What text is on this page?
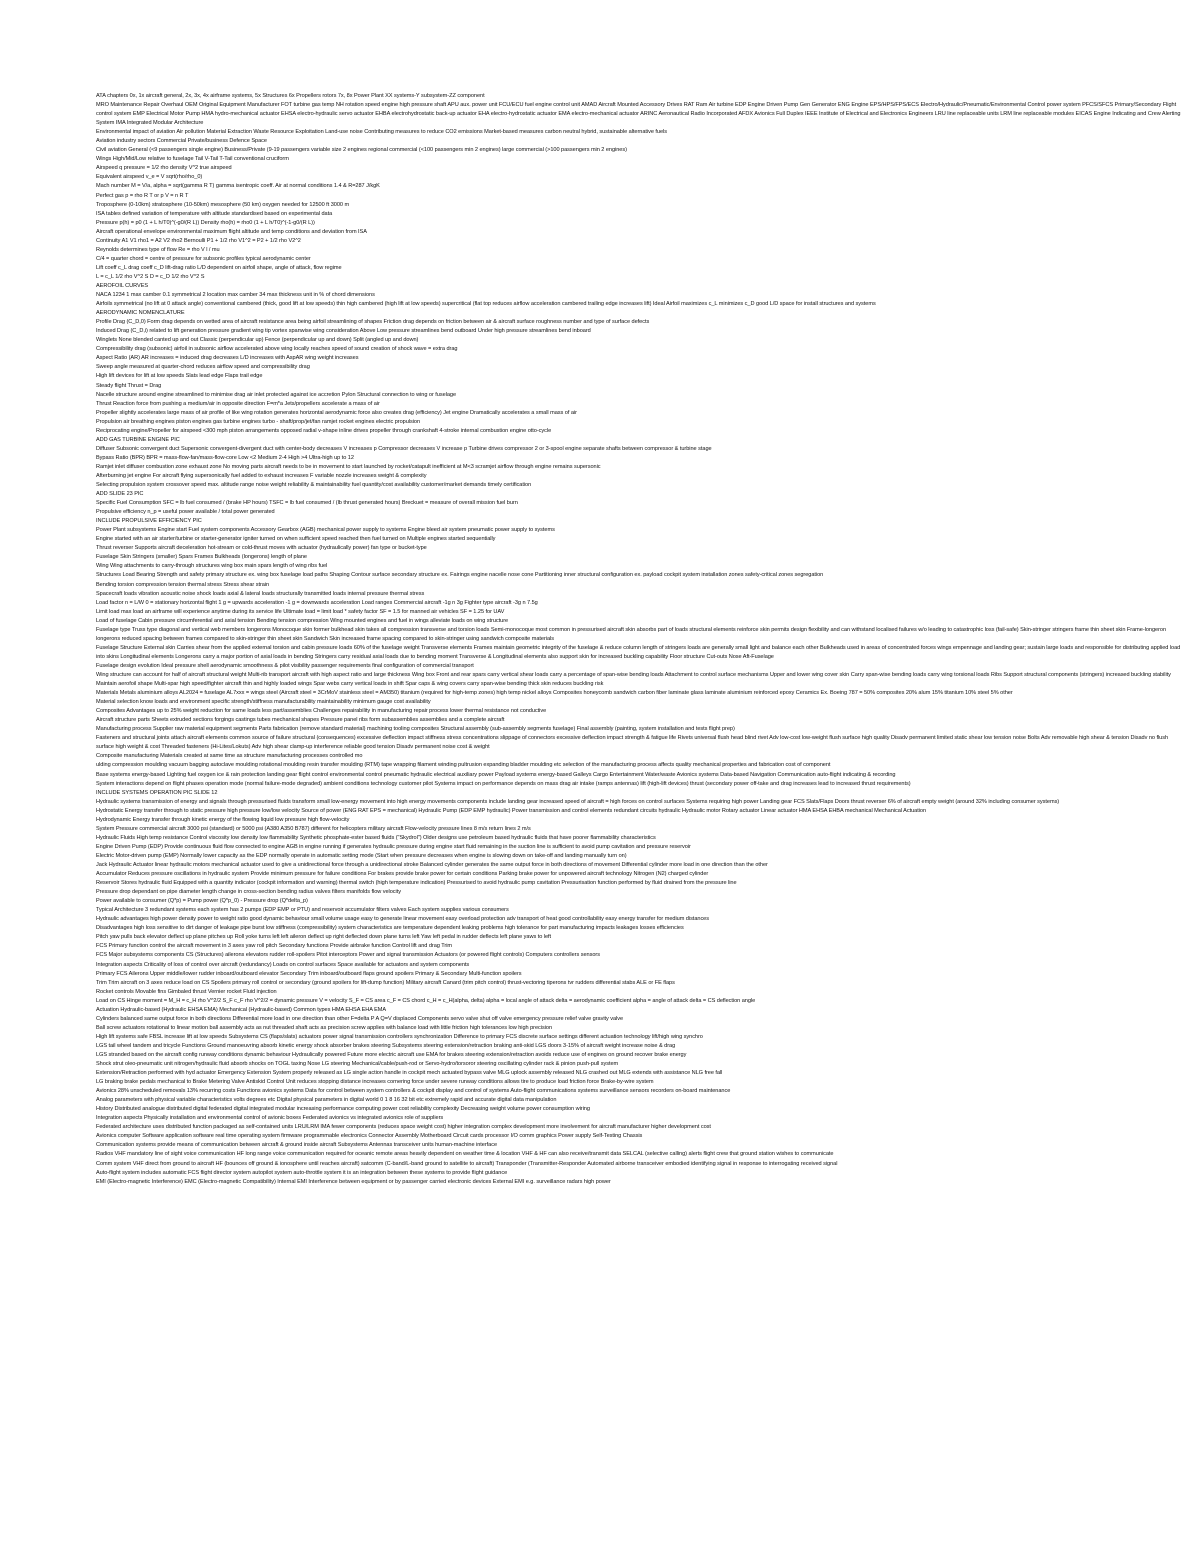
ATA chapters 0x, 1x aircraft general, 2x, 3x, 4x airframe systems, 5x Structures 6x Propellers rotors 7x, 8x Power Plant XX systems-Y subsystem-ZZ component
MRO Maintenance Repair Overhaul OEM Original Equipment Manufacturer FOT turbine gas temp NH rotation speed engine high pressure shaft APU aux. power unit FCU/ECU fuel engine control unit AMAD Aircraft Mounted Accessory Drives RAT Ram Air turbine EDP Engine Driven Pump Gen Generator ENG Engine EPS/HPS/FPS/ECS Electro/Hydraulic/Pneumatic/Environmental Control power system PFCS/SFCS Primary/Secondary Flight control system EMP Electrical Motor Pump HMA hydro-mechanical actuator EHSA electro-hydraulic servo actuator EHBA electrohydrostatic back-up actuator EHA electro-hydrostatic actuator EMA electro-mechanical actuator ARINC Aeronautical Radio Incorporated AFDX Avionics Full Duplex IEEE Institute of Electrical and Electronics Engineers LRU line replaceable units LRM line replaceable modules EICAS Engine Indicating and Crew Alerting System IMA Integrated Modular Architecture
Environmental impact of aviation Air pollution Material Extraction Waste Resource Exploitation Land-use noise Contributing measures to reduce CO2 emissions Market-based measures carbon neutral hybrid, sustainable alternative fuels
Aviation industry sectors Commercial Private/business Defence Space
Civil aviation General (<9 passengers single engine) Business/Private (9-19 passengers variable size 2 engines regional commercial (<100 passengers min 2 engines) large commercial (>100 passengers min 2 engines)
Wings High/Mid/Low relative to fuselage Tail V-Tail T-Tail conventional cruciform
Airspeed q pressure = 1/2 rho density V^2 true airspeed
Equivalent airspeed v_e = V sqrt(rho/rho_0)
Mach number M = V/a, alpha = sqrt(gamma R T) gamma isentropic coeff. Air at normal conditions 1.4 & R=287 J/kgK
Perfect gas p = rho R T or p V = n R T
Troposphere (0-10km) stratosphere (10-50km) mesosphere (50 km) oxygen needed for 12500 ft 3000 m
ISA tables defined variation of temperature with altitude standardised based on experimental data
Pressure p(h) = p0 (1 + L h/T0)^(-g0/(R L)) Density rho(h) = rho0 (1 + L h/T0)^(-1-g0/(R L))
Aircraft operational envelope environmental maximum flight altitude and temp conditions and deviation from ISA
Continuity A1 V1 rho1 = A2 V2 rho2 Bernoulli P1 + 1/2 rho V1^2 = P2 + 1/2 rho V2^2
Reynolds determines type of flow Re = rho V l / mu
C/4 = quarter chord = centre of pressure for subsonic profiles typical aerodynamic center
Lift coeff c_L drag coeff c_D lift-drag ratio L/D dependent on airfoil shape, angle of attack, flow regime
L = c_L 1/2 rho V^2 S D = c_D 1/2 rho V^2 S
AEROFOIL CURVES
NACA 1234 1 max camber 0.1 symmetrical 2 location max camber 34 max thickness unit in % of chord dimensions
Airfoils symmetrical (no lift at 0 attack angle) conventional cambered (thick, good lift at low speeds) thin high cambered (high lift at low speeds) supercritical (flat top reduces airflow acceleration cambered trailing edge increases lift) Ideal Airfoil maximizes c_L minimizes c_D good L/D space for install structures and systems
AERODYNAMIC NOMENCLATURE
Profile Drag (C_D,0) Form drag depends on wetted area of aircraft resistance area being airfoil streamlining of shapes Friction drag depends on friction between air & aircraft surface roughness number and type of surface defects
Induced Drag (C_D,i) related to lift generation pressure gradient wing tip vortex spanwise wing consideration Above Low pressure streamlines bend outboard Under high pressure streamlines bend inboard
Winglets None blended canted up and out Classic (perpendicular up) Fence (perpendicular up and down) Split (angled up and down)
Compressibility drag (subsonic) airfoil in subsonic airflow accelerated above wing locally reaches speed of sound creation of shock wave = extra drag
Aspect Ratio (AR) AR increases = induced drag decreases L/D increases with AspAR wing weight increases
Sweep angle measured at quarter-chord reduces airflow speed and compressibility drag
High lift devices for lift at low speeds Slats lead edge Flaps trail edge
Steady flight Thrust = Drag
Nacelle structure around engine streamlined to minimise drag air inlet protected against ice accretion Pylon Structural connection to wing or fuselage
Thrust Reaction force from pushing a medium/air in opposite direction F=m*a Jets/propellers accelerate a mass of air
Propeller slightly accelerates large mass of air profile of like wing rotation generates horizontal aerodynamic force also creates drag (efficiency) Jet engine Dramatically accelerates a small mass of air
Propulsion air breathing engines piston engines gas turbine engines turbo - shaft/prop/jet/fan ramjet rocket engines electric propulsion
Reciprocating engine/Propeller for airspeed <300 mph piston arrangements opposed radial v-shape inline drives propeller through crankshaft 4-stroke internal combustion engine otto-cycle
ADD GAS TURBINE ENGINE PIC
Diffuser Subsonic convergent duct Supersonic convergent-divergent duct with center-body decreases V increases p Compressor decreases V increase p Turbine drives compressor 2 or 3-spool engine separate shafts between compressor & turbine stage
Bypass Ratio (BPR) BPR = mass-flow-fan/mass-flow-core Low <2 Medium 2-4 High >4 Ultra-high up to 12
Ramjet inlet diffuser combustion zone exhaust zone No moving parts aircraft needs to be in movement to start launched by rocket/catapult inefficient at M<3 scramjet airflow through engine remains supersonic
Afterburning jet engine For aircraft flying supersonically fuel added to exhaust increases F variable nozzle increases weight & complexity
Selecting propulsion system crossover speed max. altitude range noise weight reliability & maintainability fuel quantity/cost availability customer/market demands timely certification
ADD SLIDE 23 PIC
Specific Fuel Consumption SFC = lb fuel consumed / (brake HP hours) TSFC = lb fuel consumed / (lb thrust generated hours) Breckuet = measure of overall mission fuel burn
Propulsive efficiency n_p = useful power available / total power generated
INCLUDE PROPULSIVE EFFICIENCY PIC
Power Plant subsystems Engine start Fuel system components Accessory Gearbox (AGB) mechanical power supply to systems Engine bleed air system pneumatic power supply to systems
Engine started with an air starter/turbine or starter-generator igniter turned on when sufficient speed reached then fuel turned on Multiple engines started sequentially
Thrust reverser Supports aircraft deceleration hot-stream or cold-thrust moves with actuator (hydraulically power) fan type or bucket-type
Fuselage Skin Stringers (smaller) Spars Frames Bulkheads (longerons) length of plane
Wing Wing attachments to carry-through structures wing box main spars length of wing ribs fuel
Structures Load Bearing Strength and safety primary structure ex. wing box fuselage load paths Shaping Contour surface secondary structure ex. Fairings engine nacelle nose cone Partitioning inner structural configuration ex. payload cockpit system installation zones safety-critical zones segregation
Bending torsion compression tension thermal stress Stress shear strain
Spacecraft loads vibration acoustic noise shock loads axial & lateral loads structurally transmitted loads internal pressure thermal stress
Load factor n = L/W 0 = stationary horizontal flight 1 g = upwards acceleration -1 g = downwards acceleration Load ranges Commercial aircraft -1g n 3g Fighter type aircraft -3g n 7.5g
Limit load max load an airframe will experience anytime during its service life Ultimate load = limit load * safety factor SF = 1.5 for manned air vehicles SF = 1.25 for UAV
Load of fuselage Cabin pressure circumferential and axial tension Bending tension compression Wing mounted engines and fuel in wings alleviate loads on wing structure
Fuselage type Truss type diagonal and vertical web members longerons Monocoque skin former bulkhead skin takes all compression transverse and torsion loads Semi-monocoque most common in pressurised aircraft skin absorbs part of loads structural elements reinforce skin permits design flexibility and can withstand localised failures w/o leading to catastrophic loss (fail-safe) Skin-stringer stringers frame thin sheet skin Frame-longeron longerons reduced spacing between frames compared to skin-stringer thin sheet skin Sandwich Skin increased frame spacing compared to skin-stringer using sandwich composite materials
Fuselage Structure External skin Carries shear from the applied external torsion and cabin pressure loads 60% of the fuselage weight Transverse elements Frames maintain geometric integrity of the fuselage & reduce column length of stringers loads are generally small light and balance each other Bulkheads used in areas of concentrated forces wings empennage and landing gear; sustain large loads and responsible for distributing applied load into skins Longitudinal elements Longerons carry a major portion of axial loads in bending Stringers carry residual axial loads due to bending moment Transverse & Longitudinal elements also support skin for increased buckling capability Floor structure Cut-outs Nose Aft-Fuselage
Fuselage design evolution Ideal pressure shell aerodynamic smoothness & pilot visibility passenger requirements final configuration of commercial transport
Wing structure can account for half of aircraft structural weight Multi-rib transport aircraft with high aspect ratio and large thickness Wing box Front and rear spars carry vertical shear loads carry a percentage of span-wise bending loads Attachment to control surface mechanisms Upper and lower wing cover skin Carry span-wise bending loads carry wing torsional loads Ribs Support structural components (stringers) increased buckling stability Maintain aerofoil shape Multi-spar high speed/fighter aircraft thin and highly loaded wings Spar webs carry vertical loads in shift Spar caps & wing covers carry span-wise bending thick skin reduces buckling risk
Materials Metals aluminium alloys AL2024 = fuselage AL7xxx = wings steel (Aircraft steel = 3CrMoV stainless steel = AM350) titanium (required for high-temp zones) high temp nickel alloys Composites honeycomb sandwich carbon fiber laminate glass laminate aluminium reinforced epoxy Ceramics Ex. Boeing 787 = 50% composites 20% alum 15% titanium 10% steel 5% other
Material selection know loads and environment specific strength/stiffness manufacturability maintainability minimum gauge cost availability
Composites Advantages up to 25% weight reduction for same loads less part/assemblies Challenges repairability in manufacturing repair process lower thermal resistance not conductive
Aircraft structure parts Sheets extruded sections forgings castings tubes mechanical shapes Pressure panel ribs form subassemblies assemblies and a complete aircraft
Manufacturing process Supplier raw material equipment segments Parts fabrication (remove standard material) machining tooling composites Structural assembly (sub-assembly segments fuselage) Final assembly (painting, system installation and tests flight prep)
Fasteners and structural joints attach aircraft elements common source of failure structural (consequences) excessive deflection impact stiffness stress concentrations slippage of connectors excessive deflection impact strength & fatigue life Rivets universal flush head blind rivet Adv low-cost low-weight flush surface high quality Disadv permanent limited static shear low tension noise Bolts Adv removable high shear & tension Disadv no flush surface high weight & cost Threaded fasteners (Hi-Lites/Lokuts) Adv high shear clamp-up interference reliable good tension Disadv permanent noise cost & weight
Composite manufacturing Materials created at same time as structure manufacturing processes controlled mo
ulding compression moulding vacuum bagging autoclave moulding rotational moulding resin transfer moulding (RTM) tape wrapping filament winding pultrusion expanding bladder moulding etc selection of the manufacturing process affects quality mechanical properties and fabrication cost of component
Base systems energy-based Lighting fuel oxygen ice & rain protection landing gear flight control environmental control pneumatic hydraulic electrical auxiliary power Payload systems energy-based Galleys Cargo Entertainment Water/waste Avionics systems Data-based Navigation Communication auto-flight indicating & recording
System interactions depend on flight phases operation mode (normal failure-mode degraded) ambient conditions technology customer pilot Systems impact on performance depends on mass drag air intake (ramps antennas) lift (high-lift devices) thrust (secondary power off-take and drag increases lead to increased thrust requirements)
INCLUDE SYSTEMS OPERATION PIC SLIDE 12
Hydraulic systems transmission of energy and signals through pressurised fluids transform small low-energy movement into high energy movements components include landing gear increased speed of aircraft = high forces on control surfaces Systems requiring high power Landing gear FCS Slats/Flaps Doors thrust reverser 6% of aircraft empty weight (around 32% including consumer systems)
Hydrostatic Energy transfer through to static pressure high pressure low/low velocity Source of power (ENG RAT EPS = mechanical) Hydraulic Pump (EDP EMP hydraulic) Power transmission and control elements redundant circuits hydraulic Hydraulic motor Rotary actuator Linear actuator HMA EHSA EHBA mechanical Mechanical Actuation
Hydrodynamic Energy transfer through kinetic energy of the flowing liquid low pressure high flow-velocity
System Pressure commercial aircraft 3000 psi (standard) or 5000 psi (A380 A350 B787) different for helicopters military aircraft Flow-velocity pressure lines 8 m/s return lines 2 m/s
Hydraulic Fluids High temp resistance Control viscosity low density low flammability Synthetic phosphate-ester based fluids ("Skydrol") Older designs use petroleum based hydraulic fluids that have poorer flammability characteristics
Engine Driven Pump (EDP) Provide continuous fluid flow connected to engine AGB in engine running if generates hydraulic pressure during engine start fluid remaining in the suction line is sufficient to avoid pump cavitation and pressure reservoir
Electric Motor-driven pump (EMP) Normally lower capacity as the EDP normally operate in automatic setting mode (Start when pressure decreases when engine is slowing down on take-off and landing manually turn on)
Jack Hydraulic Actuator linear hydraulic motors mechanical actuator used to give a unidirectional force through a unidirectional stroke Balanced cylinder generates the same output force in both directions of movement Differential cylinder more load in one direction than the other
Accumulator Reduces pressure oscillations in hydraulic system Provide minimum pressure for failure conditions For brakes provide brake power for certain conditions Parking brake power for unpowered aircraft technology Nitrogen (N2) charged cylinder
Reservoir Stores hydraulic fluid Equipped with a quantity indicator (cockpit information and warning) thermal switch (high temperature indication) Pressurised to avoid hydraulic pump cavitation Pressurisation function performed by fluid drained from the pressure line
Pressure drop dependant on pipe diameter length change in cross-section bending radius valves filters manifolds flow velocity
Power available to consumer (Q*p) = Pump power (Q*p_0) - Pressure drop (Q*delta_p)
Typical Architecture 3 redundant systems each system has 2 pumps (EDP EMP or PTU) and reservoir accumulator filters valves Each system supplies various consumers
Hydraulic advantages high power density power to weight ratio good dynamic behaviour small volume usage easy to generate linear movement easy overload protection adv transport of heat good controllability easy energy transfer for medium distances
Disadvantages high loss sensitive to dirt danger of leakage pipe burst low stiffness (compressibility) system characteristics are temperature dependent leaking problems high tolerance for part manufacturing impacts leakages losses efficiencies
Pitch yaw pulls back elevator deflect up plane pitches up Roll yoke turns left left aileron deflect up right deflected down plane turns left Yaw left pedal in rudder deflects left plane yaws to left
FCS Primary function control the aircraft movement in 3 axes yaw roll pitch Secondary functions Provide airbrake function Control lift and drag Trim
FCS Major subsystems components CS (Structures) ailerons elevators rudder roll-spoilers Pitot interceptors Power and signal transmission Actuators (or powered flight controls) Computers controllers sensors
Integration aspects Criticality of loss of control over aircraft (redundancy) Loads on control surfaces Space available for actuators and system components
Primary FCS Ailerons Upper middle/lower rudder inboard/outboard elevator Secondary Trim inboard/outboard flaps ground spoilers Primary & Secondary Multi-function spoilers
Trim Trim aircraft on 3 axes reduce load on CS Spoilers primary roll control or secondary (ground spoilers for lift-dump function) Military aircraft Canard (trim pitch control) thrust-vectoring tiperons tvr rudders differential stabs ALE or FE flaps
Rocket controls Movable fins Gimbaled thrust Vernier rocket Fluid injection
Load on CS Hinge moment = M_H = c_H rho V^2/2 S_F c_F rho V^2/2 = dynamic pressure V = velocity S_F = CS area c_F = CS chord c_H = c_H(alpha, delta) alpha = local angle of attack delta = aerodynamic coefficient alpha = angle of attack delta = CS deflection angle
Actuation Hydraulic-based (Hydraulic EHSA EMA) Mechanical (Hydraulic-based) Common types HMA EHSA EHA EMA
Cylinders balanced same output force in both directions Differential more load in one direction than other F=delta P A Q=V displaced Components servo valve shut off valve emergency pressure relief valve gravity valve
Ball screw actuators rotational to linear motion ball assembly acts as nut threaded shaft acts as precision screw applies with balance load with little friction high tolerances low high precision
High lift systems safe FBSL increase lift at low speeds Subsystems CS (flaps/slats) actuators power signal transmission controllers synchronization Difference to primary FCS discrete surface settings different actuation technology lift/high wing synchro
LGS tail wheel tandem and tricycle Functions Ground manoeuvring absorb kinetic energy shock absorber brakes steering Subsystems steering extension/retraction braking anti-skid LGS doors 3-15% of aircraft weight increase noise & drag
LGS stranded based on the aircraft config runway conditions dynamic behaviour Hydraulically powered Future more electric aircraft use EMA for brakes steering extension/retraction avoids reduce use of engines on ground recover brake energy
Shock strut oleo-pneumatic unit nitrogen/hydraulic fluid absorb shocks on TOGL taxing Nose LG steering Mechanical/cable/push-rod or Servo-hydro/torsoror steering oscillating cylinder rack & pinion push-pull system
Extension/Retraction performed with hyd actuator Emergency Extension System properly released as LG single action handle in cockpit mech actuated bypass valve MLG uplock assembly released NLG crashed out MLG extends with assistance NLG free fall
LG braking brake pedals mechanical to Brake Metering Valve Antiskid Control Unit reduces stopping distance increases cornering force under severe runway conditions allows tire to produce load friction force Brake-by-wire system
Avionics 28% unscheduled removals 13% recurring costs Functions avionics systems Data for control between system controllers & cockpit display and control of systems Auto-flight communications systems surveillance sensors recorders on-board maintenance
Analog parameters with physical variable characteristics volts degrees etc Digital physical parameters in digital world 0 1 8 16 32 bit etc extremely rapid and accurate digital data manipulation
History Distributed analogue distributed digital federated digital integrated modular increasing performance computing power cost reliability complexity Decreasing weight volume power consumption wiring
Integration aspects Physically installation and environmental control of avionic boxes Federated avionics vs integrated avionics role of suppliers
Federated architecture uses distributed function packaged as self-contained units LRU/LRM IMA fewer components (reduces space weight cost) higher integration complex development more involvement for aircraft manufacturer higher development cost
Avionics computer Software application software real time operating system firmware programmable electronics Connector Assembly Motherboard Circuit cards processor I/O comm graphics Power supply Self-Testing Chassis
Communication systems provide means of communication between aircraft & ground inside aircraft Subsystems Antennas transceiver units human-machine interface
Radios VHF mandatory line of sight voice communication HF long range voice communication required for oceanic remote areas heavily dependent on weather time & location VHF & HF can also receive/transmit data SELCAL (selective calling) alerts flight crew that ground station wishes to communicate
Comm system VHF direct from ground to aircraft HF (bounces off ground & ionosphere until reaches aircraft) satcomm (C-band/L-band ground to satellite to aircraft) Transponder (Transmitter-Responder Automated airborne transceiver embodied identifying signal in response to interrogating received signal
Auto-flight system includes automatic FCS flight director system autopilot system auto-throttle system it is an integration between these systems to provide flight guidance
EMI (Electro-magnetic Interference) EMC (Electro-magnetic Compatibility) Internal EMI Interference between equipment or by passenger carried electronic devices External EMI e.g. surveillance radars high power
